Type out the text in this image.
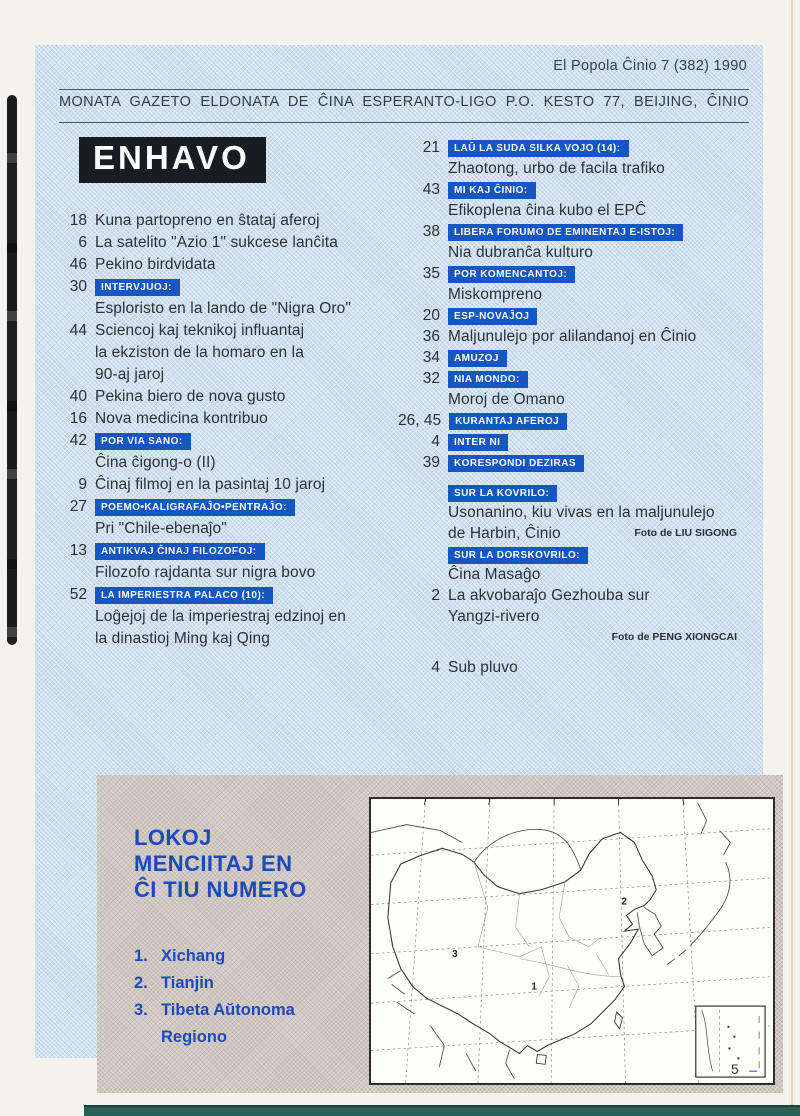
El Popola Ĉinio 7 (382) 1990
MONATA GAZETO ELDONATA DE ĈINA ESPERANTO-LIGO P.O. KESTO 77, BEIJING, ĈINIO
ENHAVO
18 Kuna partopreno en ŝtataj aferoj
6 La satelito "Azio 1" sukcese lanĉita
46 Pekino birdvidata
30	INTERVJUOJ:
Esploristo en la lando de "Nigra Oro"
44 Sciencoj kaj teknikoj influantaj
la ekziston de la homaro en la
90-aj jaroj
40 Pekina biero de nova gusto
16 Nova medicina kontribuo
42	POR VIA SANO:
Ĉina ĉigong-o (II)
9 Ĉinaj filmoj en la pasintaj 10 jaroj
27	POEMO•KALIGRAFAĴO•PENTRAĴO:
Pri "Chile-ebenaĵo"
13	ANTIKVAJ ĈINAJ FILOZOFOJ:
Filozofo rajdanta sur nigra bovo
52	LA IMPERIESTRA PALACO (10):
Loĝejoj de la imperiestraj edzinoj en
la dinastioj Ming kaj Qing
21	LAŬ LA SUDA SILKA VOJO (14):
Zhaotong, urbo de facila trafiko
43	MI KAJ ĈINIO:
Efikoplena ĉina kubo el EPĈ
38	LIBERA FORUMO DE EMINENTAJ E-ISTOJ:
Nia dubranĉa kulturo
35	POR KOMENCANTOJ:
Miskompreno
20	ESP-NOVAĴOJ
36 Maljunulejo por alilandanoj en Ĉinio
34	AMUZOJ
32	NIA MONDO:
Moroj de Omano
26, 45	KURANTAJ AFEROJ
4	INTER NI
39	KORESPONDI DEZIRAS
SUR LA KOVRILO:
Usonanino, kiu vivas en la maljunulejo
de Harbin, Ĉinio	Foto de LIU SIGONG
SUR LA DORSKOVRILO:
Ĉina Masaĝo
2 La akvobaraĵo Gezhouba sur
Yangzi-rivero
Foto de PENG XIONGCAI
4 Sub pluvo
LOKOJ
MENCIITAJ EN
ĈI TIU NUMERO
1. Xichang
2. Tianjin
3. Tibeta Aŭtonoma
Regiono
3
1
2
5
